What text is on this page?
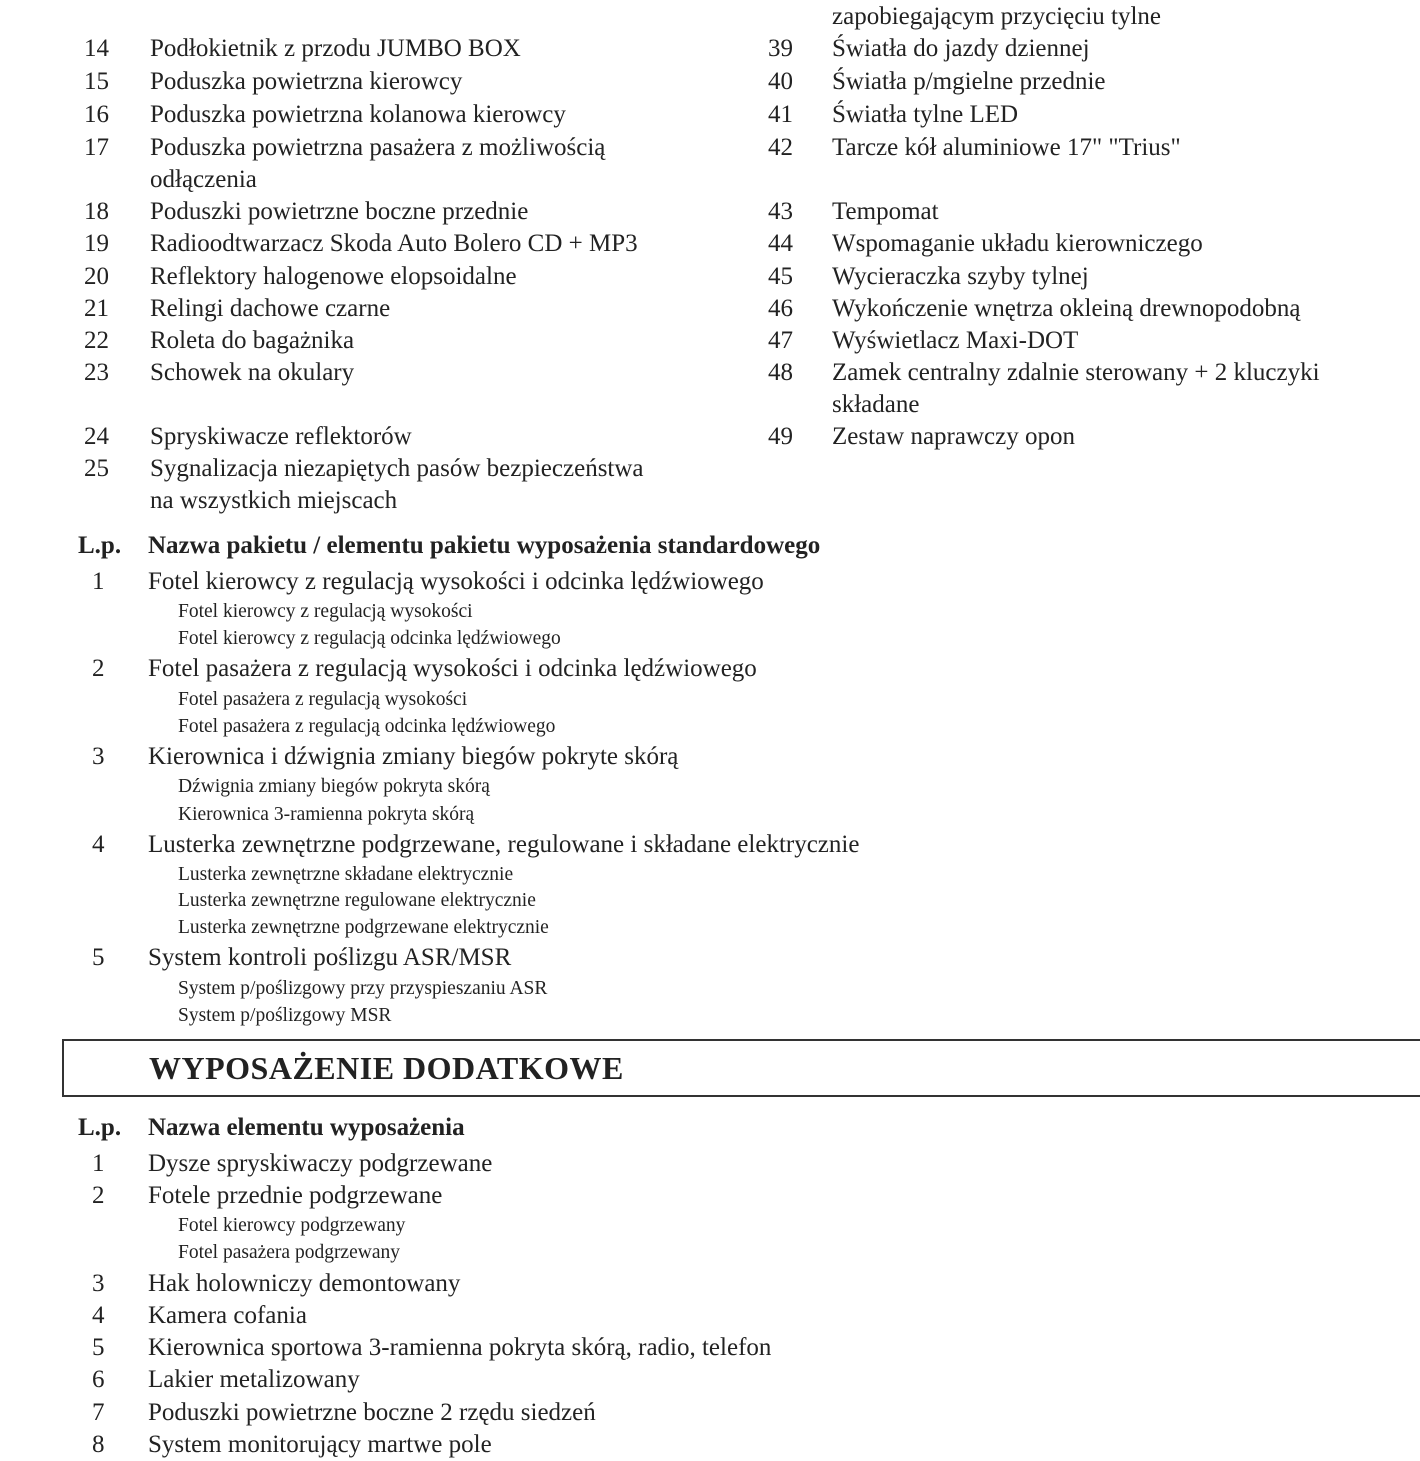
14	Podłokietnik z przodu JUMBO BOX
15	Poduszka powietrzna kierowcy
16	Poduszka powietrzna kolanowa kierowcy
17	Poduszka powietrzna pasażera z możliwością
odłączenia
18	Poduszki powietrzne boczne przednie
19	Radioodtwarzacz Skoda Auto Bolero CD + MP3
20	Reflektory halogenowe elopsoidalne
21	Relingi dachowe czarne
22	Roleta do bagażnika
23	Schowek na okulary
24	Spryskiwacze reflektorów
25	Sygnalizacja niezapiętych pasów bezpieczeństwa
na wszystkich miejscach
zapobiegającym przycięciu tylne
39	Światła do jazdy dziennej
40	Światła p/mgielne przednie
41	Światła tylne LED
42	Tarcze kół aluminiowe 17" "Trius"
43	Tempomat
44	Wspomaganie układu kierowniczego
45	Wycieraczka szyby tylnej
46	Wykończenie wnętrza okleiną drewnopodobną
47	Wyświetlacz Maxi-DOT
48	Zamek centralny zdalnie sterowany + 2 kluczyki
składane
49	Zestaw naprawczy opon
L.p.	Nazwa pakietu / elementu pakietu wyposażenia standardowego
1	Fotel kierowcy z regulacją wysokości i odcinka lędźwiowego
Fotel kierowcy z regulacją wysokości
Fotel kierowcy z regulacją odcinka lędźwiowego
2	Fotel pasażera z regulacją wysokości i odcinka lędźwiowego
Fotel pasażera z regulacją wysokości
Fotel pasażera z regulacją odcinka lędźwiowego
3	Kierownica i dźwignia zmiany biegów pokryte skórą
Dźwignia zmiany biegów pokryta skórą
Kierownica 3-ramienna pokryta skórą
4	Lusterka zewnętrzne podgrzewane, regulowane i składane elektrycznie
Lusterka zewnętrzne składane elektrycznie
Lusterka zewnętrzne regulowane elektrycznie
Lusterka zewnętrzne podgrzewane elektrycznie
5	System kontroli poślizgu ASR/MSR
System p/poślizgowy przy przyspieszaniu ASR
System p/poślizgowy MSR
WYPOSAŻENIE DODATKOWE
L.p.	Nazwa elementu wyposażenia
1	Dysze spryskiwaczy podgrzewane
2	Fotele przednie podgrzewane
Fotel kierowcy podgrzewany
Fotel pasażera podgrzewany
3	Hak holowniczy demontowany
4	Kamera cofania
5	Kierownica sportowa 3-ramienna pokryta skórą, radio, telefon
6	Lakier metalizowany
7	Poduszki powietrzne boczne 2 rzędu siedzeń
8	System monitorujący martwe pole
